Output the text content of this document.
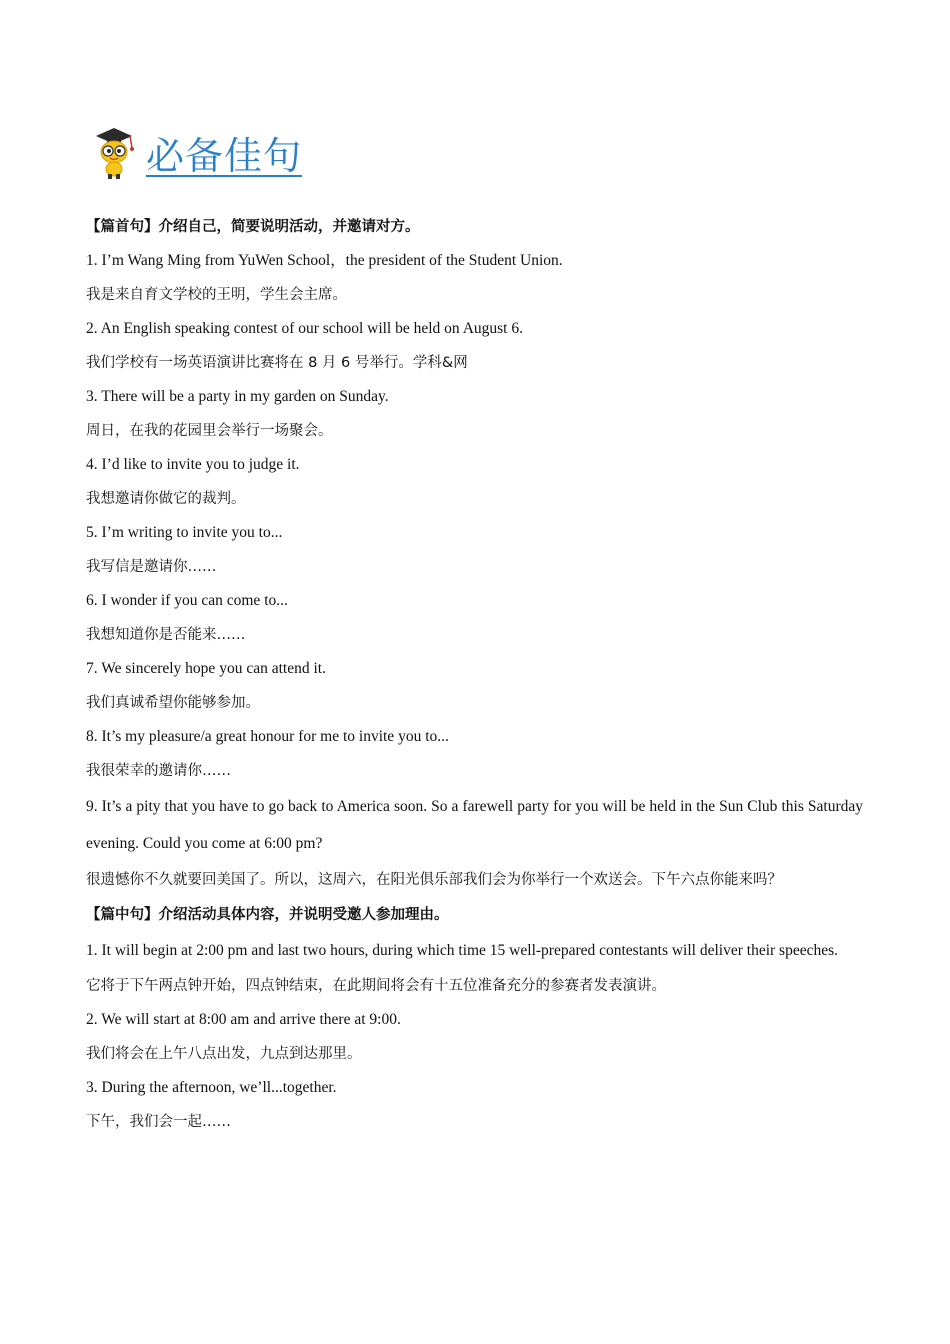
必备佳句
【篇首句】介绍自己，简要说明活动，并邀请对方。
1. I’m Wang Ming from YuWen School，the president of the Student Union.
我是来自育文学校的王明，学生会主席。
2. An English speaking contest of our school will be held on August 6.
我们学校有一场英语演讲比赛将在 8 月 6 号举行。学科&网
3. There will be a party in my garden on Sunday.
周日，在我的花园里会举行一场聚会。
4. I’d like to invite you to judge it.
我想邀请你做它的裁判。
5. I’m writing to invite you to...
我写信是邀请你……
6. I wonder if you can come to...
我想知道你是否能来……
7. We sincerely hope you can attend it.
我们真诚希望你能够参加。
8. It’s my pleasure/a great honour for me to invite you to...
我很荣幸的邀请你……
9. It’s a pity that you have to go back to America soon. So a farewell party for you will be held in the Sun Club this Saturday evening. Could you come at 6:00 pm?
很遗憾你不久就要回美国了。所以，这周六，在阳光俱乐部我们会为你举行一个欢送会。下午六点你能来吗？
【篇中句】介绍活动具体内容，并说明受邀人参加理由。
1. It will begin at 2:00 pm and last two hours, during which time 15 well-prepared contestants will deliver their speeches.
它将于下午两点钟开始，四点钟结束，在此期间将会有十五位准备充分的参赛者发表演讲。
2. We will start at 8:00 am and arrive there at 9:00.
我们将会在上午八点出发，九点到达那里。
3. During the afternoon, we’ll...together.
下午，我们会一起……
